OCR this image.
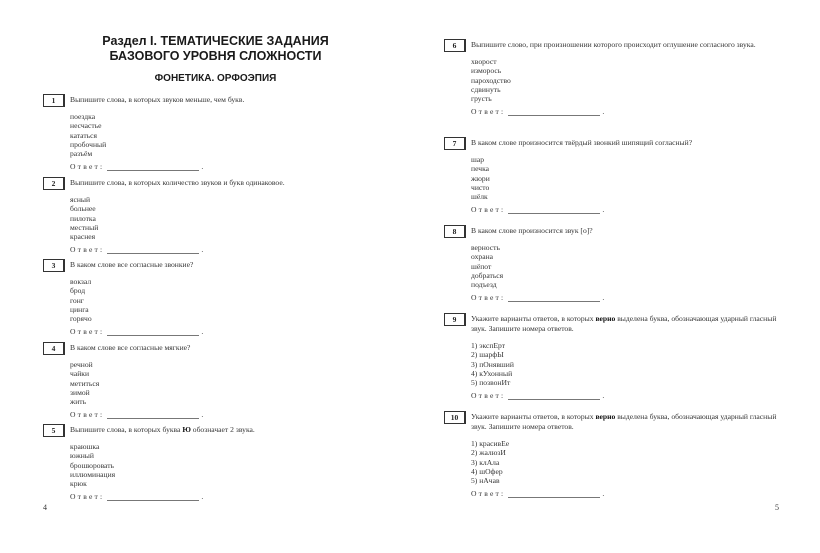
Раздел I. ТЕМАТИЧЕСКИЕ ЗАДАНИЯ
БАЗОВОГО УРОВНЯ СЛОЖНОСТИ
ФОНЕТИКА. ОРФОЭПИЯ
4
1	Выпишите слова, в которых звуков меньше, чем букв.
поездка
несчастье
кататься
пробочный
разъём
Ответ:	.
2	Выпишите слова, в которых количество звуков и букв одинаковое.
ясный
больнее
пилотка
местный
краснея
Ответ:	.
3	В каком слове все согласные звонкие?
вокзал
брод
гонг
цинга
горячо
Ответ:	.
4	В каком слове все согласные мягкие?
речной
чайки
метиться
зимой
жить
Ответ:	.
5	Выпишите слова, в которых буква Ю обозначает 2 звука.
краюшка
южный
брошюровать
иллюминация
крюк
Ответ:	.
5
6	Выпишите слово, при произношении которого происходит оглушение согласного звука.
хворост
изморось
пароходство
сдвинуть
грусть
Ответ:	.
7	В каком слове произносится твёрдый звонкий шипящий согласный?
шар
печка
жюри
чисто
шёлк
Ответ:	.
8	В каком слове произносится звук [о]?
верность
охрана
шёпот
добраться
подъезд
Ответ:	.
9	Укажите варианты ответов, в которых верно выделена буква, обозначающая ударный гласный звук. Запишите номера ответов.
1) экспЕрт
2) шарфЫ
3) пОнявший
4) кУхонный
5) позвонИт
Ответ:	.
10	Укажите варианты ответов, в которых верно выделена буква, обозначающая ударный гласный звук. Запишите номера ответов.
1) красивЕе
2) жалюзИ
3) клАла
4) шОфер
5) нАчав
Ответ:	.
